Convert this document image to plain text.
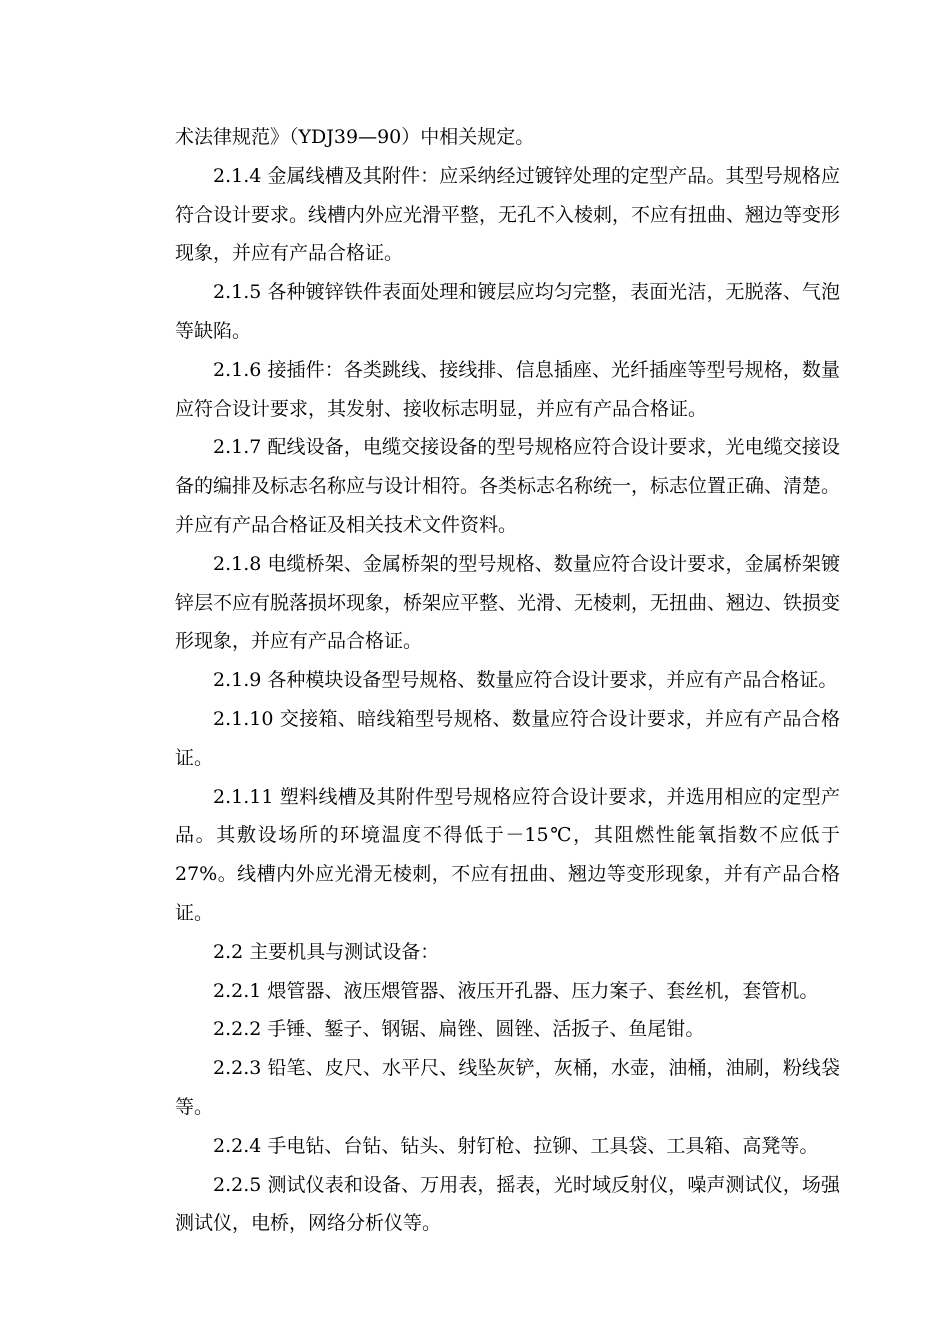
术法律规范》（YDJ39—90）中相关规定。

2.1.4 金属线槽及其附件：应采纳经过镀锌处理的定型产品。其型号规格应符合设计要求。线槽内外应光滑平整，无孔不入棱刺，不应有扭曲、翘边等变形现象，并应有产品合格证。

2.1.5 各种镀锌铁件表面处理和镀层应均匀完整，表面光洁，无脱落、气泡等缺陷。

2.1.6 接插件：各类跳线、接线排、信息插座、光纤插座等型号规格，数量应符合设计要求，其发射、接收标志明显，并应有产品合格证。

2.1.7 配线设备，电缆交接设备的型号规格应符合设计要求，光电缆交接设备的编排及标志名称应与设计相符。各类标志名称统一，标志位置正确、清楚。并应有产品合格证及相关技术文件资料。

2.1.8 电缆桥架、金属桥架的型号规格、数量应符合设计要求，金属桥架镀锌层不应有脱落损坏现象，桥架应平整、光滑、无棱刺，无扭曲、翘边、铁损变形现象，并应有产品合格证。

2.1.9 各种模块设备型号规格、数量应符合设计要求，并应有产品合格证。

2.1.10 交接箱、暗线箱型号规格、数量应符合设计要求，并应有产品合格证。

2.1.11 塑料线槽及其附件型号规格应符合设计要求，并选用相应的定型产品。其敷设场所的环境温度不得低于－15℃，其阻燃性能氧指数不应低于27%。线槽内外应光滑无棱刺，不应有扭曲、翘边等变形现象，并有产品合格证。

2.2 主要机具与测试设备：

2.2.1 煨管器、液压煨管器、液压开孔器、压力案子、套丝机，套管机。

2.2.2 手锤、錾子、钢锯、扁锉、圆锉、活扳子、鱼尾钳。

2.2.3 铅笔、皮尺、水平尺、线坠灰铲，灰桶，水壶，油桶，油刷，粉线袋等。

2.2.4 手电钻、台钻、钻头、射钉枪、拉铆、工具袋、工具箱、高凳等。

2.2.5 测试仪表和设备、万用表，摇表，光时域反射仪，噪声测试仪，场强测试仪，电桥，网络分析仪等。
